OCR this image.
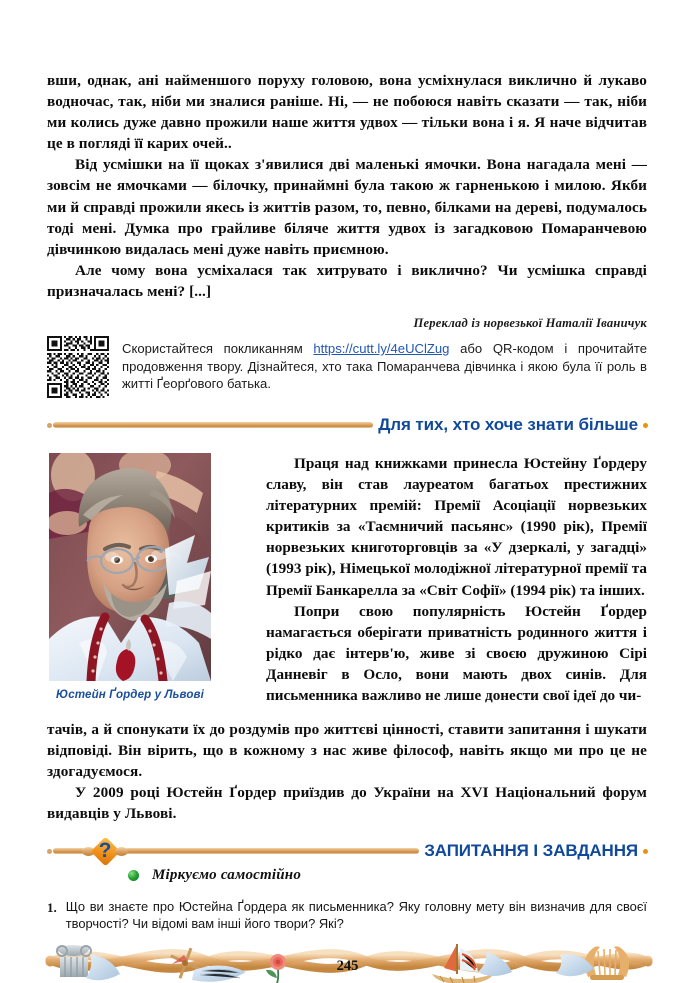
вши, однак, ані найменшого поруху головою, вона усміхнулася виклично й лукаво водночас, так, ніби ми зналися раніше. Ні, — не побоюся навіть сказати — так, ніби ми колись дуже давно прожили наше життя удвох — тільки вона і я. Я наче відчитав це в погляді її карих очей..

Від усмішки на її щоках з'явилися дві маленькі ямочки. Вона нагадала мені — зовсім не ямочками — білочку, принаймні була такою ж гарненькою і милою. Якби ми й справді прожили якесь із життів разом, то, певно, білками на дереві, подумалось тоді мені. Думка про грайливе біляче життя удвох із загадковою Помаранчевою дівчинкою видалась мені дуже навіть приємною.

Але чому вона усміхалася так хитрувато і виклично? Чи усмішка справді призначалась мені? [...]

Переклад із норвезької Наталії Іваничук
Скористайтеся покликанням https://cutt.ly/4eUClZug або QR-кодом і прочитайте продовження твору. Дізнайтеся, хто така Помаранчева дівчинка і якою була її роль в житті Ґеорґового батька.
Для тих, хто хоче знати більше
Юстейн Ґордер у Львові

Праця над книжками принесла Юстейну Ґордеру славу, він став лауреатом багатьох престижних літературних премій: Премії Асоціації норвезьких критиків за «Таємничий пасьянс» (1990 рік), Премії норвезьких книготорговців за «У дзеркалі, у загадці» (1993 рік), Німецької молодіжної літературної премії та Премії Банкарелла за «Світ Софії» (1994 рік) та інших.

Попри свою популярність Юстейн Ґордер намагається оберігати приватність родинного життя і рідко дає інтерв'ю, живе зі своєю дружиною Сірі Данневіг в Осло, вони мають двох синів. Для письменника важливо не лише донести свої ідеї до чи-

тачів, а й спонукати їх до роздумів про життєві цінності, ставити запитання і шукати відповіді. Він вірить, що в кожному з нас живе філософ, навіть якщо ми про це не здогадуємося.

У 2009 році Юстейн Ґордер приїздив до України на XVI Національний форум видавців у Львові.

?	ЗАПИТАННЯ І ЗАВДАННЯ
Міркуємо самостійно
1. Що ви знаєте про Юстейна Ґордера як письменника? Яку головну мету він визначив для своєї творчості? Чи відомі вам інші його твори? Які?
245
